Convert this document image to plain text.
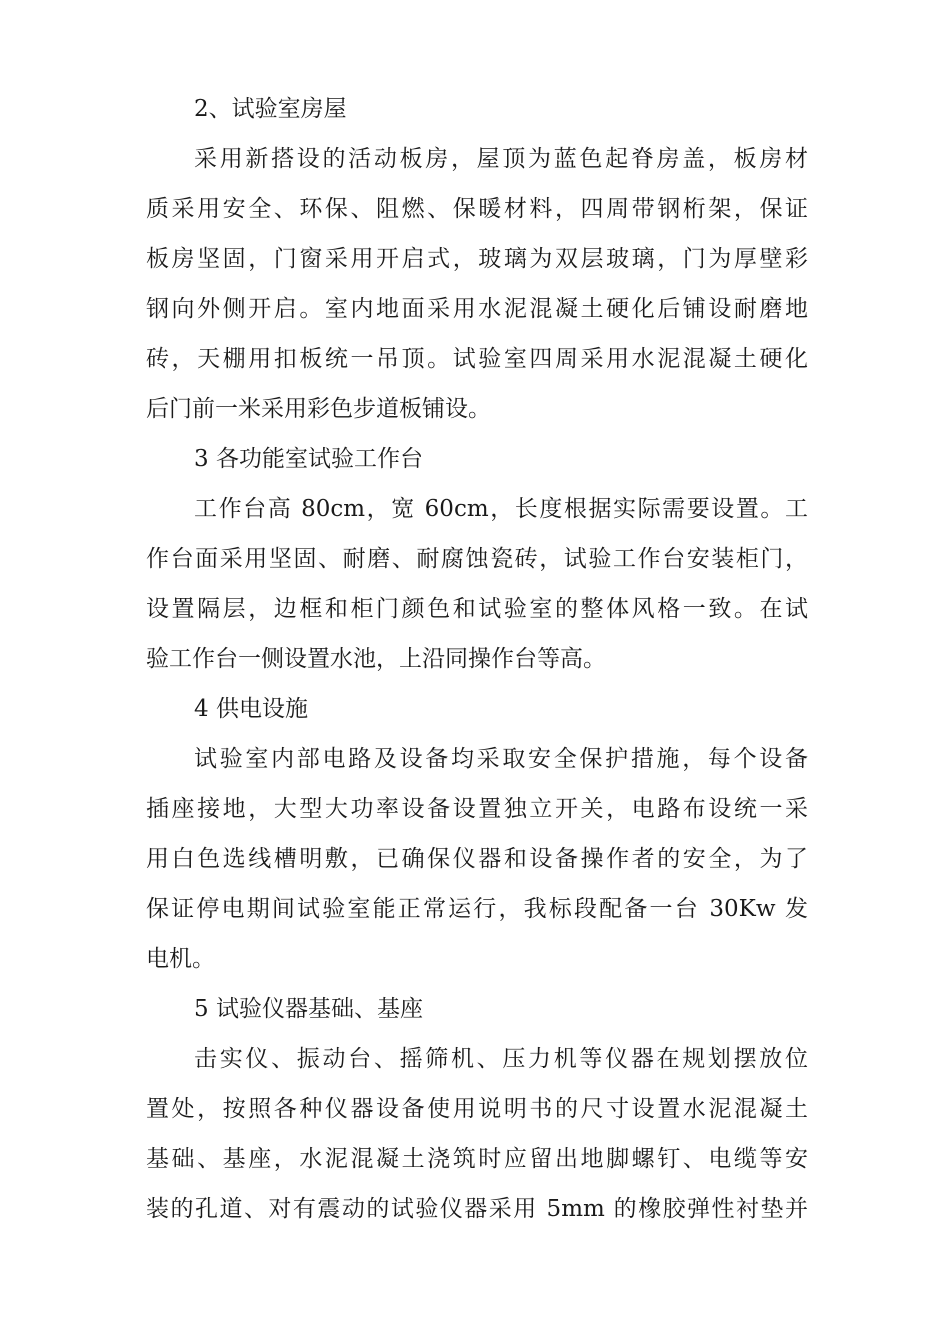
2、试验室房屋
采用新搭设的活动板房，屋顶为蓝色起脊房盖，板房材
质采用安全、环保、阻燃、保暖材料，四周带钢桁架，保证
板房坚固，门窗采用开启式，玻璃为双层玻璃，门为厚壁彩
钢向外侧开启。室内地面采用水泥混凝土硬化后铺设耐磨地
砖，天棚用扣板统一吊顶。试验室四周采用水泥混凝土硬化
后门前一米采用彩色步道板铺设。
3 各功能室试验工作台
工作台高 80cm，宽 60cm，长度根据实际需要设置。工
作台面采用坚固、耐磨、耐腐蚀瓷砖，试验工作台安装柜门，
设置隔层，边框和柜门颜色和试验室的整体风格一致。在试
验工作台一侧设置水池，上沿同操作台等高。
4 供电设施
试验室内部电路及设备均采取安全保护措施，每个设备
插座接地，大型大功率设备设置独立开关，电路布设统一采
用白色选线槽明敷，已确保仪器和设备操作者的安全，为了
保证停电期间试验室能正常运行，我标段配备一台 30Kw 发
电机。
5 试验仪器基础、基座
击实仪、振动台、摇筛机、压力机等仪器在规划摆放位
置处，按照各种仪器设备使用说明书的尺寸设置水泥混凝土
基础、基座，水泥混凝土浇筑时应留出地脚螺钉、电缆等安
装的孔道、对有震动的试验仪器采用 5mm 的橡胶弹性衬垫并
